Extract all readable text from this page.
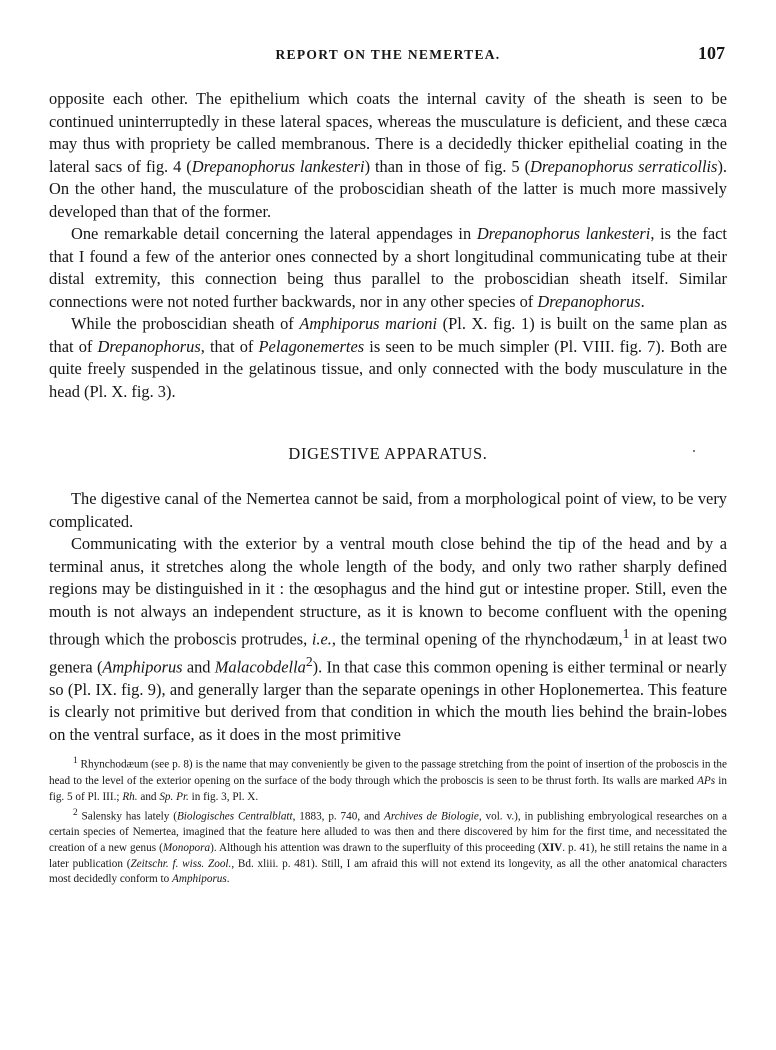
REPORT ON THE NEMERTEA.	107

opposite each other. The epithelium which coats the internal cavity of the sheath is seen to be continued uninterruptedly in these lateral spaces, whereas the musculature is deficient, and these cæca may thus with propriety be called membranous. There is a decidedly thicker epithelial coating in the lateral sacs of fig. 4 (Drepanophorus lankesteri) than in those of fig. 5 (Drepanophorus serraticollis). On the other hand, the musculature of the proboscidian sheath of the latter is much more massively developed than that of the former.

One remarkable detail concerning the lateral appendages in Drepanophorus lankesteri, is the fact that I found a few of the anterior ones connected by a short longitudinal communicating tube at their distal extremity, this connection being thus parallel to the proboscidian sheath itself. Similar connections were not noted further backwards, nor in any other species of Drepanophorus.

While the proboscidian sheath of Amphiporus marioni (Pl. X. fig. 1) is built on the same plan as that of Drepanophorus, that of Pelagonemertes is seen to be much simpler (Pl. VIII. fig. 7). Both are quite freely suspended in the gelatinous tissue, and only connected with the body musculature in the head (Pl. X. fig. 3).

DIGESTIVE APPARATUS.

The digestive canal of the Nemertea cannot be said, from a morphological point of view, to be very complicated.

Communicating with the exterior by a ventral mouth close behind the tip of the head and by a terminal anus, it stretches along the whole length of the body, and only two rather sharply defined regions may be distinguished in it : the œsophagus and the hind gut or intestine proper. Still, even the mouth is not always an independent structure, as it is known to become confluent with the opening through which the proboscis protrudes, i.e., the terminal opening of the rhynchodæum,$^1$ in at least two genera (Amphiporus and Malacobdella$^2$). In that case this common opening is either terminal or nearly so (Pl. IX. fig. 9), and generally larger than the separate openings in other Hoplonemertea. This feature is clearly not primitive but derived from that condition in which the mouth lies behind the brain-lobes on the ventral surface, as it does in the most primitive

$^1$ Rhynchodæum (see p. 8) is the name that may conveniently be given to the passage stretching from the point of insertion of the proboscis in the head to the level of the exterior opening on the surface of the body through which the proboscis is seen to be thrust forth. Its walls are marked APs in fig. 5 of Pl. III.; Rh. and Sp. Pr. in fig. 3, Pl. X.

$^2$ Salensky has lately (Biologisches Centralblatt, 1883, p. 740, and Archives de Biologie, vol. v.), in publishing embryological researches on a certain species of Nemertea, imagined that the feature here alluded to was then and there discovered by him for the first time, and necessitated the creation of a new genus (Monopora). Although his attention was drawn to the superfluity of this proceeding (XIV. p. 41), he still retains the name in a later publication (Zeitschr. f. wiss. Zool., Bd. xliii. p. 481). Still, I am afraid this will not extend its longevity, as all the other anatomical characters most decidedly conform to Amphiporus.
